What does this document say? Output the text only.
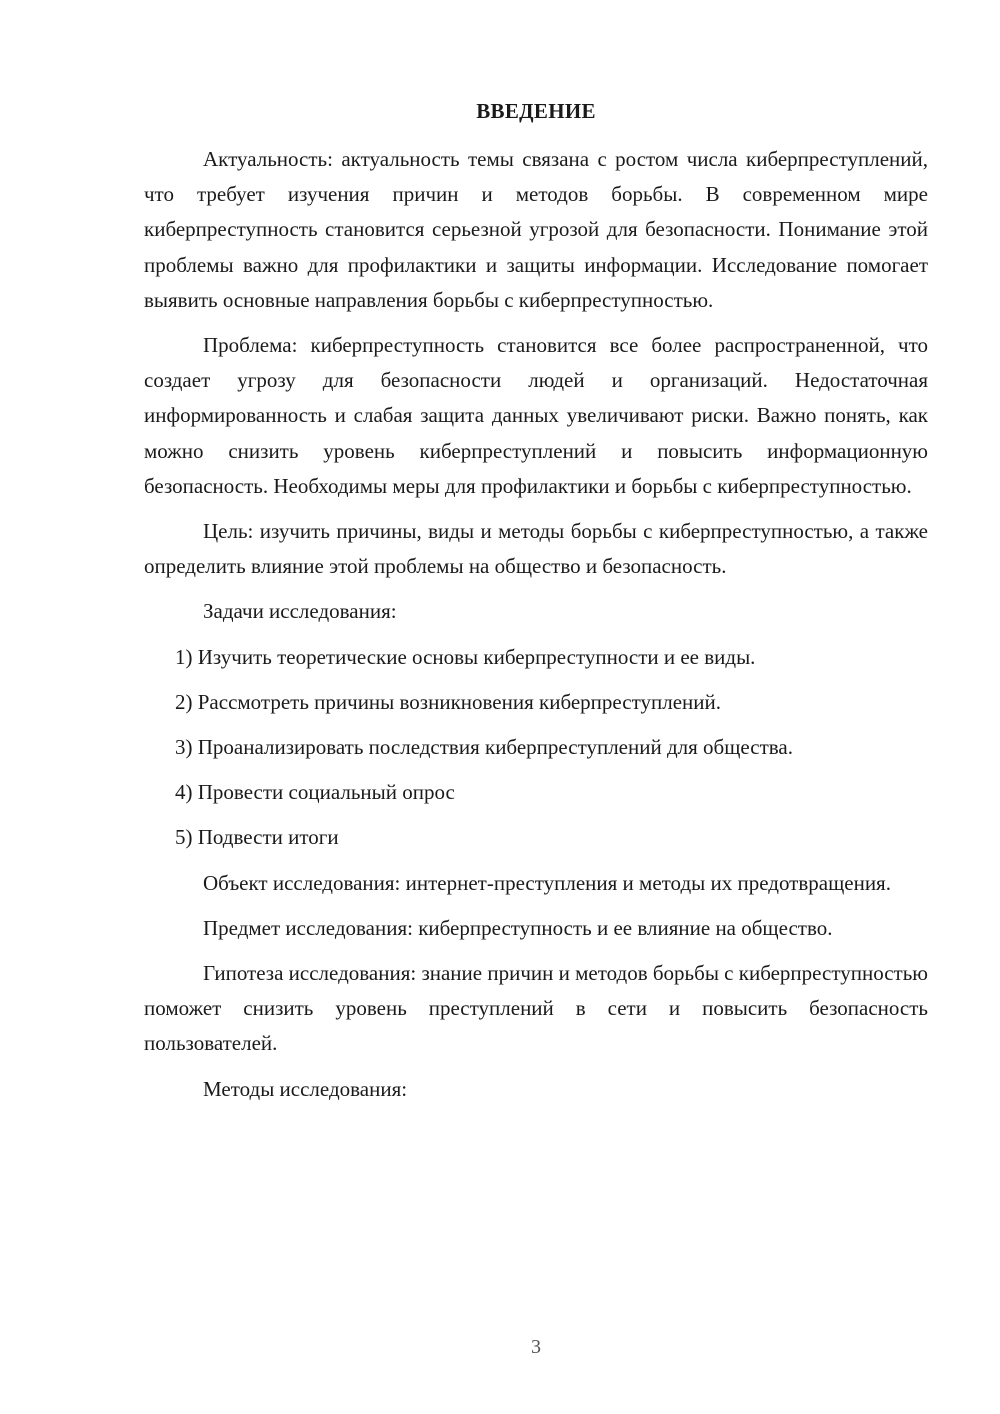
ВВЕДЕНИЕ

Актуальность: актуальность темы связана с ростом числа киберпреступлений, что требует изучения причин и методов борьбы. В современном мире киберпреступность становится серьезной угрозой для безопасности. Понимание этой проблемы важно для профилактики и защиты информации. Исследование помогает выявить основные направления борьбы с киберпреступностью.

Проблема: киберпреступность становится все более распространенной, что создает угрозу для безопасности людей и организаций. Недостаточная информированность и слабая защита данных увеличивают риски. Важно понять, как можно снизить уровень киберпреступлений и повысить информационную безопасность. Необходимы меры для профилактики и борьбы с киберпреступностью.

Цель: изучить причины, виды и методы борьбы с киберпреступностью, а также определить влияние этой проблемы на общество и безопасность.

Задачи исследования:

1) Изучить теоретические основы киберпреступности и ее виды.

2) Рассмотреть причины возникновения киберпреступлений.

3) Проанализировать последствия киберпреступлений для общества.

4) Провести социальный опрос

5) Подвести итоги

Объект исследования: интернет-преступления и методы их предотвращения.

Предмет исследования: киберпреступность и ее влияние на общество.

Гипотеза исследования: знание причин и методов борьбы с киберпреступностью поможет снизить уровень преступлений в сети и повысить безопасность пользователей.

Методы исследования:

3
